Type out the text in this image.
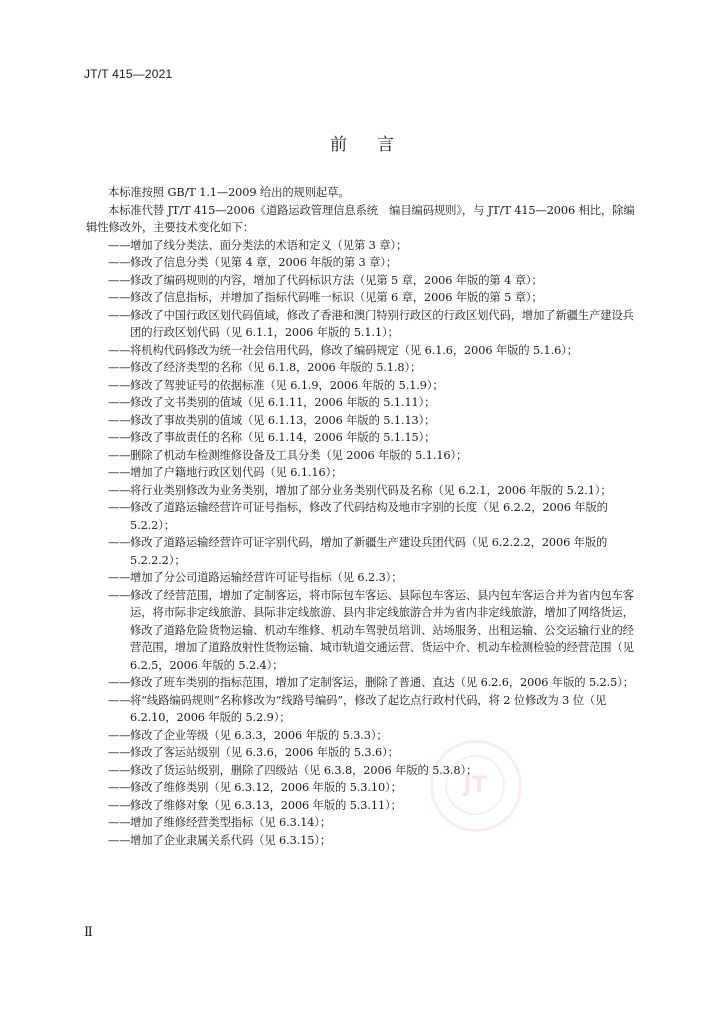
JT/T 415—2021
前言

本标准按照 GB/T 1.1—2009 给出的规则起草。

本标准代替 JT/T 415—2006《道路运政管理信息系统　编目编码规则》，与 JT/T 415—2006 相比，除编辑性修改外，主要技术变化如下：

—— 增加了线分类法、面分类法的术语和定义（见第 3 章）；

—— 修改了信息分类（见第 4 章，2006 年版的第 3 章）；

—— 修改了编码规则的内容，增加了代码标识方法（见第 5 章，2006 年版的第 4 章）；

—— 修改了信息指标，并增加了指标代码唯一标识（见第 6 章，2006 年版的第 5 章）；

—— 修改了中国行政区划代码值域，修改了香港和澳门特别行政区的行政区划代码，增加了新疆生产建设兵团的行政区划代码（见 6.1.1，2006 年版的 5.1.1）；

—— 将机构代码修改为统一社会信用代码，修改了编码规定（见 6.1.6，2006 年版的 5.1.6）；

—— 修改了经济类型的名称（见 6.1.8，2006 年版的 5.1.8）；

—— 修改了驾驶证号的依据标准（见 6.1.9，2006 年版的 5.1.9）；

—— 修改了文书类别的值域（见 6.1.11，2006 年版的 5.1.11）；

—— 修改了事故类别的值域（见 6.1.13，2006 年版的 5.1.13）；

—— 修改了事故责任的名称（见 6.1.14，2006 年版的 5.1.15）；

—— 删除了机动车检测维修设备及工具分类（见 2006 年版的 5.1.16）；

—— 增加了户籍地行政区划代码（见 6.1.16）；

—— 将行业类别修改为业务类别，增加了部分业务类别代码及名称（见 6.2.1，2006 年版的 5.2.1）；

—— 修改了道路运输经营许可证号指标，修改了代码结构及地市字别的长度（见 6.2.2，2006 年版的 5.2.2）；

—— 修改了道路运输经营许可证字别代码，增加了新疆生产建设兵团代码（见 6.2.2.2，2006 年版的 5.2.2.2）；

—— 增加了分公司道路运输经营许可证号指标（见 6.2.3）；

—— 修改了经营范围，增加了定制客运，将市际包车客运、县际包车客运、县内包车客运合并为省内包车客运，将市际非定线旅游、县际非定线旅游、县内非定线旅游合并为省内非定线旅游，增加了网络货运，修改了道路危险货物运输、机动车维修、机动车驾驶员培训、站场服务、出租运输、公交运输行业的经营范围，增加了道路放射性货物运输、城市轨道交通运营、货运中介、机动车检测检验的经营范围（见 6.2.5，2006 年版的 5.2.4）；

—— 修改了班车类别的指标范围，增加了定制客运，删除了普通、直达（见 6.2.6，2006 年版的 5.2.5）；

—— 将“线路编码规则”名称修改为“线路号编码”，修改了起讫点行政村代码，将 2 位修改为 3 位（见 6.2.10，2006 年版的 5.2.9）；

—— 修改了企业等级（见 6.3.3，2006 年版的 5.3.3）；

—— 修改了客运站级别（见 6.3.6，2006 年版的 5.3.6）；

—— 修改了货运站级别，删除了四级站（见 6.3.8，2006 年版的 5.3.8）；

—— 修改了维修类别（见 6.3.12，2006 年版的 5.3.10）；

—— 修改了维修对象（见 6.3.13，2006 年版的 5.3.11）；

—— 增加了维修经营类型指标（见 6.3.14）；

—— 增加了企业隶属关系代码（见 6.3.15）；

JT
Ⅱ
